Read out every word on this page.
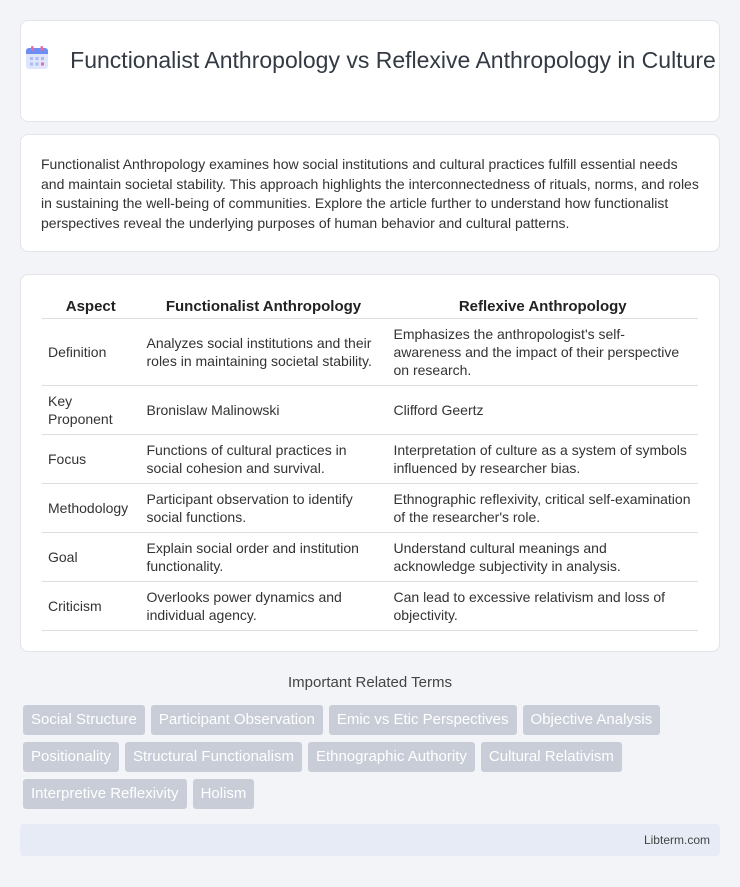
Functionalist Anthropology vs Reflexive Anthropology in Culture

Functionalist Anthropology examines how social institutions and cultural practices fulfill essential needs and maintain societal stability. This approach highlights the interconnectedness of rituals, norms, and roles in sustaining the well-being of communities. Explore the article further to understand how functionalist perspectives reveal the underlying purposes of human behavior and cultural patterns.

Aspect	Functionalist Anthropology	Reflexive Anthropology
Definition	Analyzes social institutions and their roles in maintaining societal stability.	Emphasizes the anthropologist's self-awareness and the impact of their perspective on research.
Key Proponent	Bronislaw Malinowski	Clifford Geertz
Focus	Functions of cultural practices in social cohesion and survival.	Interpretation of culture as a system of symbols influenced by researcher bias.
Methodology	Participant observation to identify social functions.	Ethnographic reflexivity, critical self-examination of the researcher's role.
Goal	Explain social order and institution functionality.	Understand cultural meanings and acknowledge subjectivity in analysis.
Criticism	Overlooks power dynamics and individual agency.	Can lead to excessive relativism and loss of objectivity.
Important Related Terms
Social Structure	Participant Observation	Emic vs Etic Perspectives	Objective Analysis
Positionality	Structural Functionalism	Ethnographic Authority	Cultural Relativism
Interpretive Reflexivity	Holism
Libterm.com
